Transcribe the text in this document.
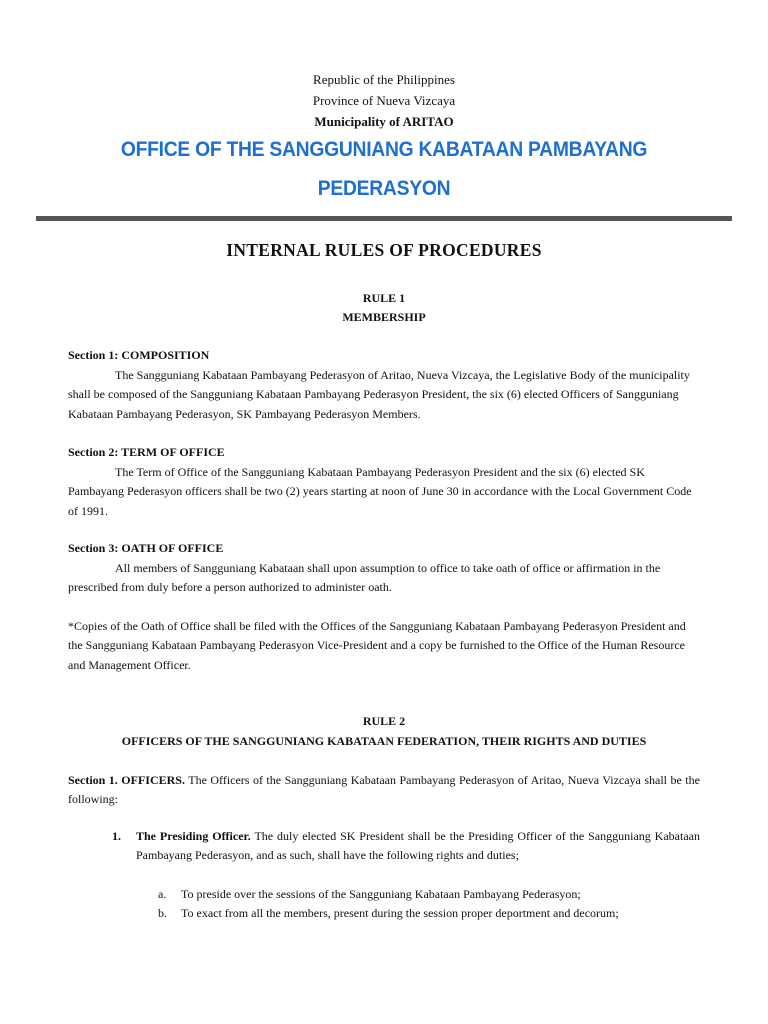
Republic of the Philippines
Province of Nueva Vizcaya
Municipality of ARITAO
OFFICE OF THE SANGGUNIANG KABATAAN PAMBAYANG
PEDERASYON
INTERNAL RULES OF PROCEDURES
RULE 1
MEMBERSHIP
Section 1: COMPOSITION
The Sangguniang Kabataan Pambayang Pederasyon of Aritao, Nueva Vizcaya, the Legislative Body of the municipality shall be composed of the Sangguniang Kabataan Pambayang Pederasyon President, the six (6) elected Officers of Sangguniang Kabataan Pambayang Pederasyon, SK Pambayang Pederasyon Members.
Section 2: TERM OF OFFICE
The Term of Office of the Sangguniang Kabataan Pambayang Pederasyon President and the six (6) elected SK Pambayang Pederasyon officers shall be two (2) years starting at noon of June 30 in accordance with the Local Government Code of 1991.
Section 3: OATH OF OFFICE
All members of Sangguniang Kabataan shall upon assumption to office to take oath of office or affirmation in the prescribed from duly before a person authorized to administer oath.
*Copies of the Oath of Office shall be filed with the Offices of the Sangguniang Kabataan Pambayang Pederasyon President and the Sangguniang Kabataan Pambayang Pederasyon Vice-President and a copy be furnished to the Office of the Human Resource and Management Officer.
RULE 2
OFFICERS OF THE SANGGUNIANG KABATAAN FEDERATION, THEIR RIGHTS AND DUTIES
Section 1. OFFICERS. The Officers of the Sangguniang Kabataan Pambayang Pederasyon of Aritao, Nueva Vizcaya shall be the following:
1. The Presiding Officer. The duly elected SK President shall be the Presiding Officer of the Sangguniang Kabataan Pambayang Pederasyon, and as such, shall have the following rights and duties;
a. To preside over the sessions of the Sangguniang Kabataan Pambayang Pederasyon;
b. To exact from all the members, present during the session proper deportment and decorum;
